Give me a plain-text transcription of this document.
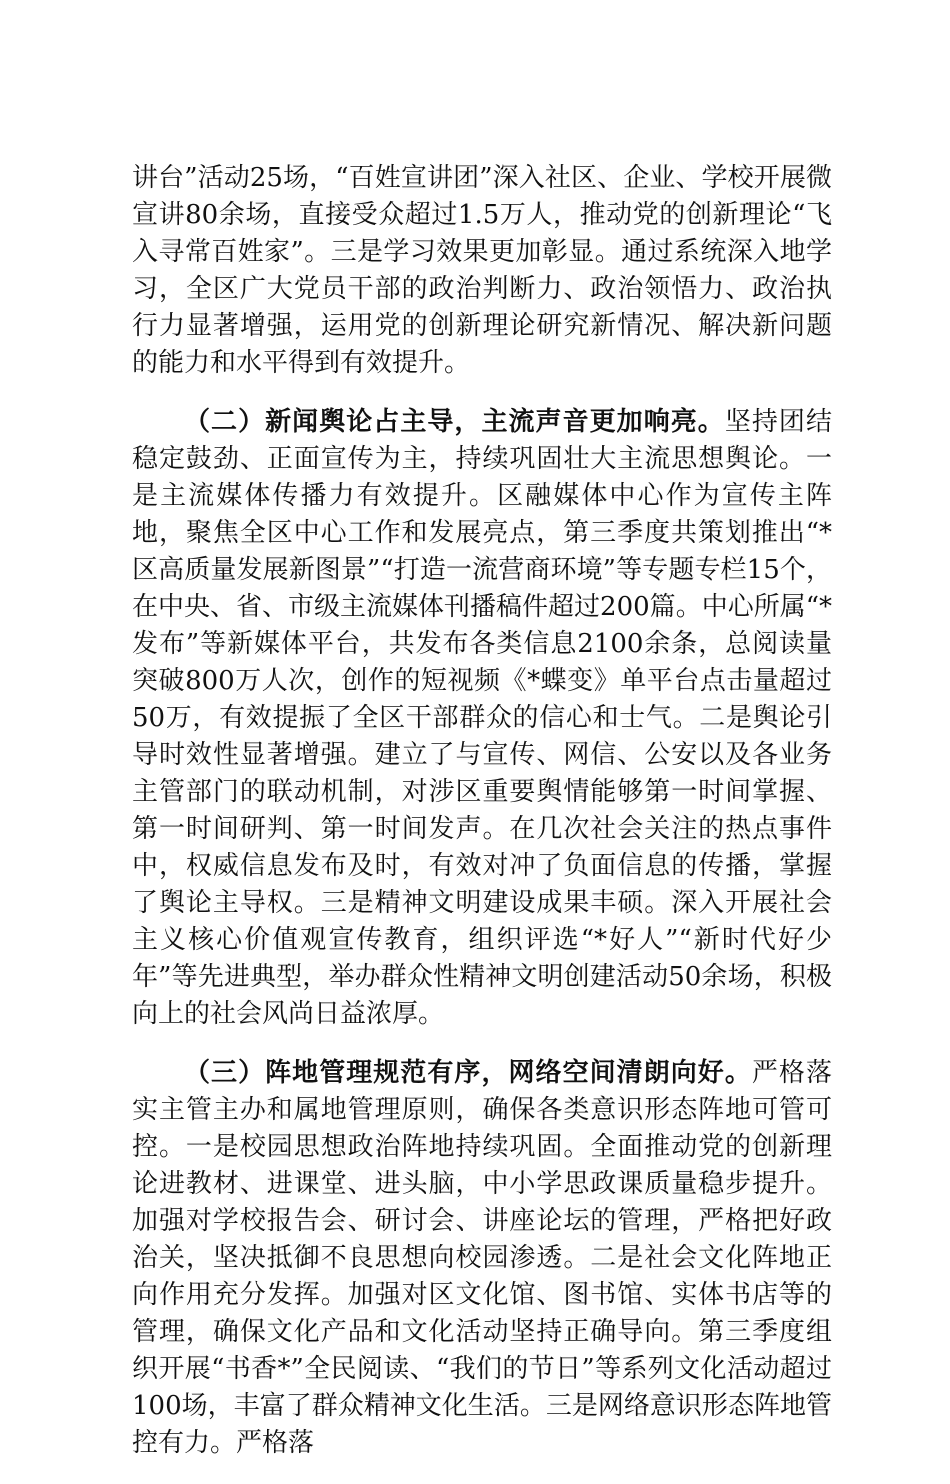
讲台”活动25场，“百姓宣讲团”深入社区、企业、学校开展微宣讲80余场，直接受众超过1.5万人，推动党的创新理论“飞入寻常百姓家”。三是学习效果更加彰显。通过系统深入地学习，全区广大党员干部的政治判断力、政治领悟力、政治执行力显著增强，运用党的创新理论研究新情况、解决新问题的能力和水平得到有效提升。

（二）新闻舆论占主导，主流声音更加响亮。坚持团结稳定鼓劲、正面宣传为主，持续巩固壮大主流思想舆论。一是主流媒体传播力有效提升。区融媒体中心作为宣传主阵地，聚焦全区中心工作和发展亮点，第三季度共策划推出“*区高质量发展新图景”“打造一流营商环境”等专题专栏15个，在中央、省、市级主流媒体刊播稿件超过200篇。中心所属“*发布”等新媒体平台，共发布各类信息2100余条，总阅读量突破800万人次，创作的短视频《*蝶变》单平台点击量超过50万，有效提振了全区干部群众的信心和士气。二是舆论引导时效性显著增强。建立了与宣传、网信、公安以及各业务主管部门的联动机制，对涉区重要舆情能够第一时间掌握、第一时间研判、第一时间发声。在几次社会关注的热点事件中，权威信息发布及时，有效对冲了负面信息的传播，掌握了舆论主导权。三是精神文明建设成果丰硕。深入开展社会主义核心价值观宣传教育，组织评选“*好人”“新时代好少年”等先进典型，举办群众性精神文明创建活动50余场，积极向上的社会风尚日益浓厚。

（三）阵地管理规范有序，网络空间清朗向好。严格落实主管主办和属地管理原则，确保各类意识形态阵地可管可控。一是校园思想政治阵地持续巩固。全面推动党的创新理论进教材、进课堂、进头脑，中小学思政课质量稳步提升。加强对学校报告会、研讨会、讲座论坛的管理，严格把好政治关，坚决抵御不良思想向校园渗透。二是社会文化阵地正向作用充分发挥。加强对区文化馆、图书馆、实体书店等的管理，确保文化产品和文化活动坚持正确导向。第三季度组织开展“书香*”全民阅读、“我们的节日”等系列文化活动超过100场，丰富了群众精神文化生活。三是网络意识形态阵地管控有力。严格落
